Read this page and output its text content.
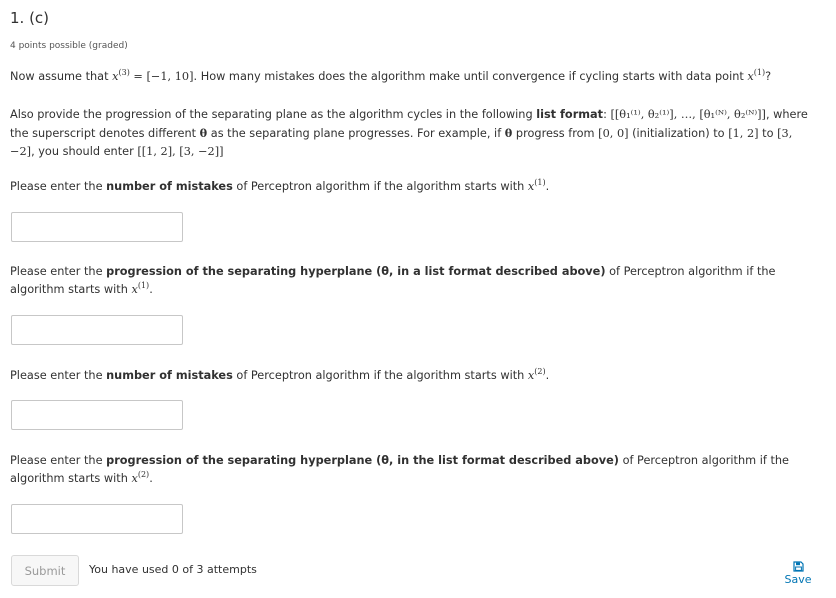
1. (c)
4 points possible (graded)
Now assume that $x^{(3)} = [-1$, 10]. How many mistakes does the algorithm make until convergence if cycling starts with data point $x^{(1)}$?
Also provide the progression of the separating plane as the algorithm cycles in the following list format: [[θ₁⁽¹⁾, θ₂⁽¹⁾], …, [θ₁⁽ᴺ⁾, θ₂⁽ᴺ⁾]], where the superscript denotes different θ as the separating plane progresses. For example, if θ progress from [0, 0] (initialization) to [1, 2] to [3, −2], you should enter [[1, 2], [3, −2]]
Please enter the number of mistakes of Perceptron algorithm if the algorithm starts with $x^{(1)}$.
Please enter the progression of the separating hyperplane (θ, in a list format described above) of Perceptron algorithm if the algorithm starts with $x^{(1)}$.
Please enter the number of mistakes of Perceptron algorithm if the algorithm starts with $x^{(2)}$.
Please enter the progression of the separating hyperplane (θ, in the list format described above) of Perceptron algorithm if the algorithm starts with $x^{(2)}$.
Submit	You have used 0 of 3 attempts
Save
